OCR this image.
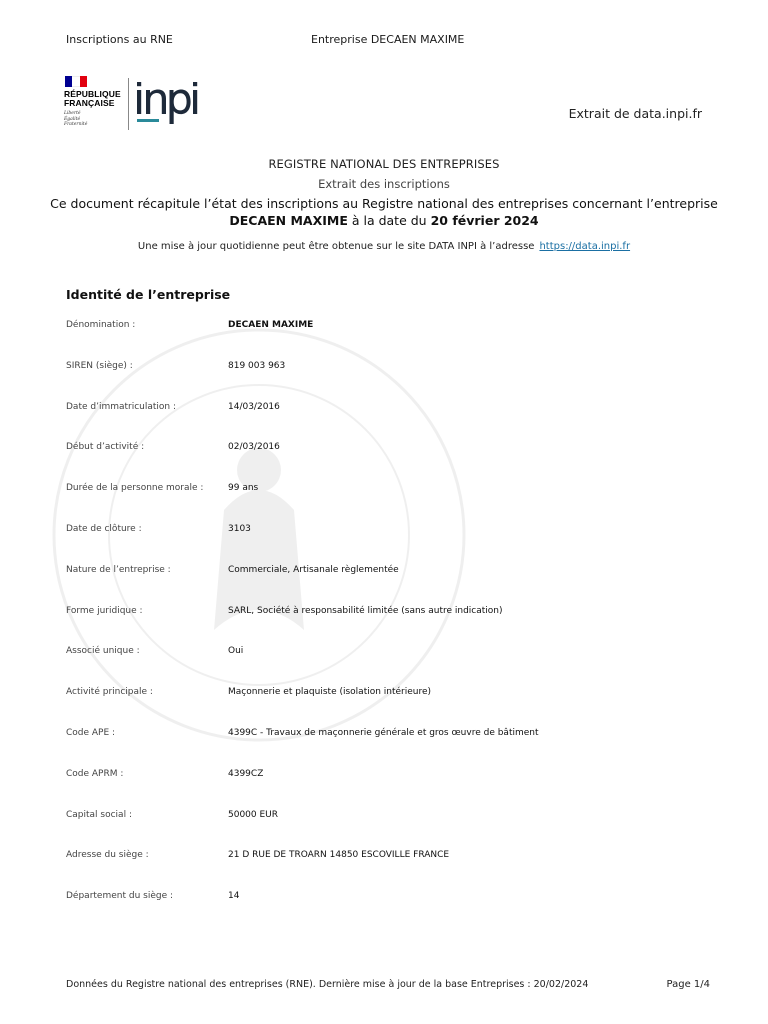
Inscriptions au RNE	Entreprise DECAEN MAXIME
RÉPUBLIQUE
FRANÇAISE
Liberté
Égalité
Fraternité
Extrait de data.inpi.fr
REGISTRE NATIONAL DES ENTREPRISES
Extrait des inscriptions
Ce document récapitule l’état des inscriptions au Registre national des entreprises concernant l’entreprise
DECAEN MAXIME à la date du 20 février 2024
Une mise à jour quotidienne peut être obtenue sur le site DATA INPI à l’adresse https://data.inpi.fr
Identité de l’entreprise
Dénomination :	DECAEN MAXIME
SIREN (siège) :	819 003 963
Date d’immatriculation :	14/03/2016
Début d’activité :	02/03/2016
Durée de la personne morale :	99 ans
Date de clôture :	3103
Nature de l’entreprise :	Commerciale, Artisanale règlementée
Forme juridique :	SARL, Société à responsabilité limitée (sans autre indication)
Associé unique :	Oui
Activité principale :	Maçonnerie et plaquiste (isolation intérieure)
Code APE :	4399C - Travaux de maçonnerie générale et gros œuvre de bâtiment
Code APRM :	4399CZ
Capital social :	50000 EUR
Adresse du siège :	21 D RUE DE TROARN 14850 ESCOVILLE FRANCE
Département du siège :	14
Données du Registre national des entreprises (RNE). Dernière mise à jour de la base Entreprises : 20/02/2024	Page 1/4
